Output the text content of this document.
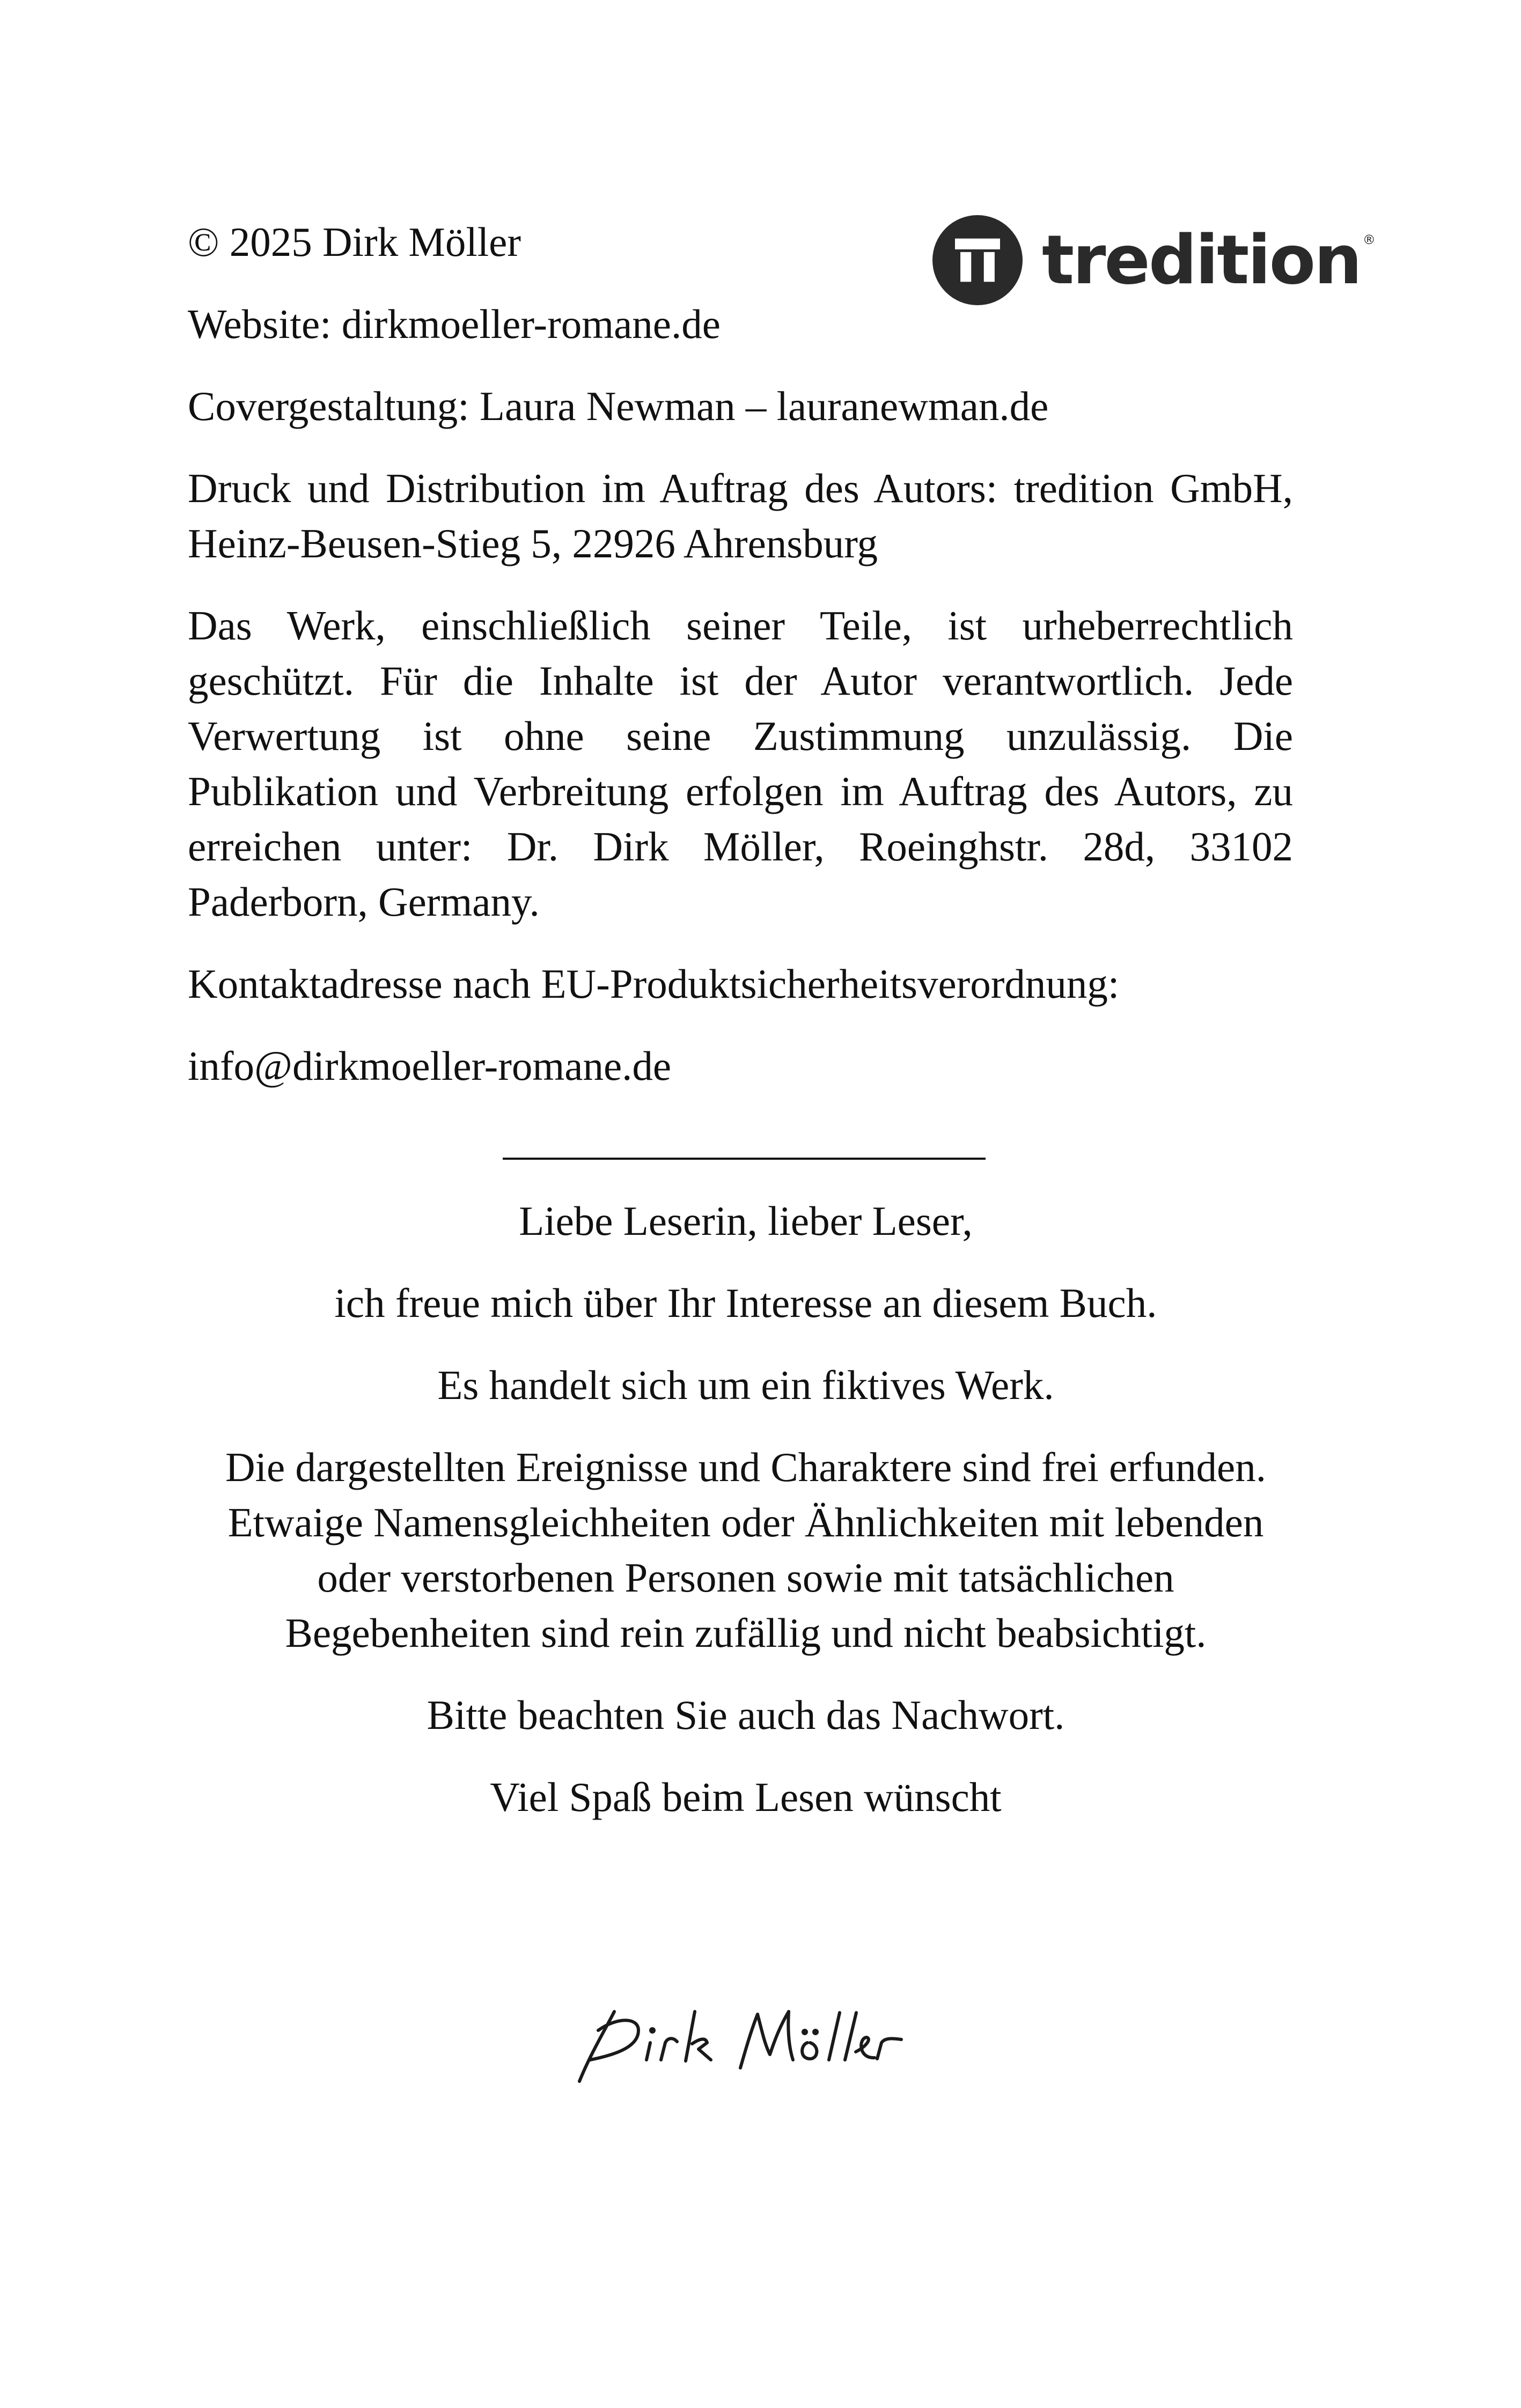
© 2025 Dirk Möller

Website: dirkmoeller-romane.de

Covergestaltung: Laura Newman – lauranewman.de

Druck und Distribution im Auftrag des Autors: tredition GmbH, Heinz-Beusen-Stieg 5, 22926 Ahrensburg

Das Werk, einschließlich seiner Teile, ist urheberrechtlich geschützt. Für die Inhalte ist der Autor verantwortlich. Jede Verwertung ist ohne seine Zustimmung unzulässig. Die Publikation und Verbreitung erfolgen im Auftrag des Autors, zu erreichen unter: Dr. Dirk Möller, Roeinghstr. 28d, 33102 Paderborn, Germany.

Kontaktadresse nach EU-Produktsicherheitsverordnung:

info@dirkmoeller-romane.de

tredition ®

Liebe Leserin, lieber Leser,

ich freue mich über Ihr Interesse an diesem Buch.

Es handelt sich um ein fiktives Werk.

Die dargestellten Ereignisse und Charaktere sind frei erfunden. Etwaige Namensgleichheiten oder Ähnlichkeiten mit lebenden oder verstorbenen Personen sowie mit tatsächlichen Begebenheiten sind rein zufällig und nicht beabsichtigt.

Bitte beachten Sie auch das Nachwort.

Viel Spaß beim Lesen wünscht
